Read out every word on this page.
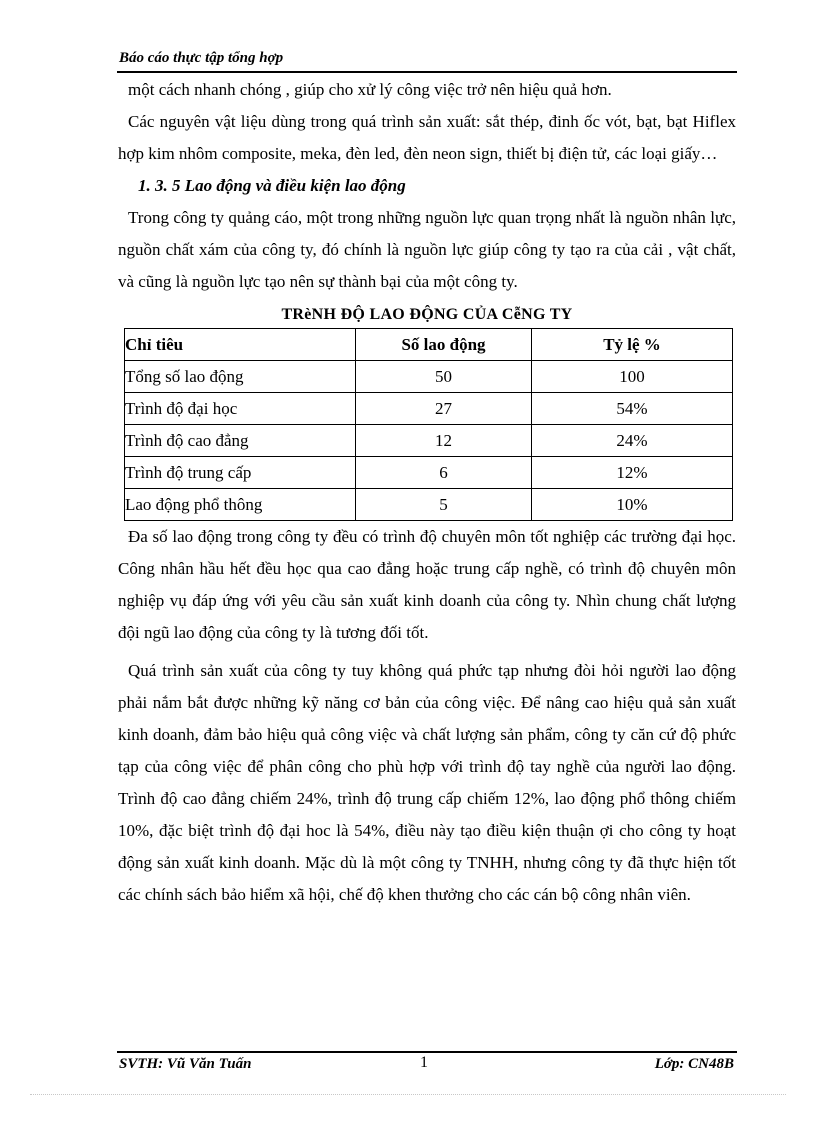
Báo cáo thực tập tổng hợp

một cách nhanh chóng , giúp cho xử lý công việc trở nên hiệu quả hơn.

Các nguyên vật liệu dùng trong quá trình sản xuất: sắt thép, đinh ốc vót, bạt, bạt Hiflex hợp kim nhôm composite, meka, đèn led, đèn neon sign, thiết bị điện tử, các loại giấy…

1. 3. 5 Lao động và điều kiện lao động

Trong công ty quảng cáo, một trong những nguồn lực quan trọng nhất là nguồn nhân lực, nguồn chất xám của công ty, đó chính là nguồn lực giúp công ty tạo ra của cải , vật chất, và cũng là nguồn lực tạo nên sự thành bại của một công ty.

TRèNH ĐỘ LAO ĐỘNG CỦA CễNG TY
Chỉ tiêu	Số lao động	Tỷ lệ %
Tổng số lao động	50	100
Trình độ đại học	27	54%
Trình độ cao đẳng	12	24%
Trình độ trung cấp	6	12%
Lao động phổ thông	5	10%

Đa số lao động trong công ty đều có trình độ chuyên môn tốt nghiệp các trường đại học. Công nhân hầu hết đều học qua cao đẳng hoặc trung cấp nghề, có trình độ chuyên môn nghiệp vụ đáp ứng với yêu cầu sản xuất kinh doanh của công ty. Nhìn chung chất lượng đội ngũ lao động của công ty là tương đối tốt.

Quá trình sản xuất của công ty tuy không quá phức tạp nhưng đòi hỏi người lao động phải nắm bắt được những kỹ năng cơ bản của công việc. Để nâng cao hiệu quả sản xuất kinh doanh, đảm bảo hiệu quả công việc và chất lượng sản phẩm, công ty căn cứ độ phức tạp của công việc để phân công cho phù hợp với trình độ tay nghề của người lao động. Trình độ cao đẳng chiếm 24%, trình độ trung cấp chiếm 12%, lao động phổ thông chiếm 10%, đặc biệt trình độ đại hoc là 54%, điều này tạo điều kiện thuận ợi cho công ty hoạt động sản xuất kinh doanh. Mặc dù là một công ty TNHH, nhưng công ty đã thực hiện tốt các chính sách bảo hiểm xã hội, chế độ khen thưởng cho các cán bộ công nhân viên.

SVTH: Vũ Văn Tuấn	1	Lớp: CN48B
